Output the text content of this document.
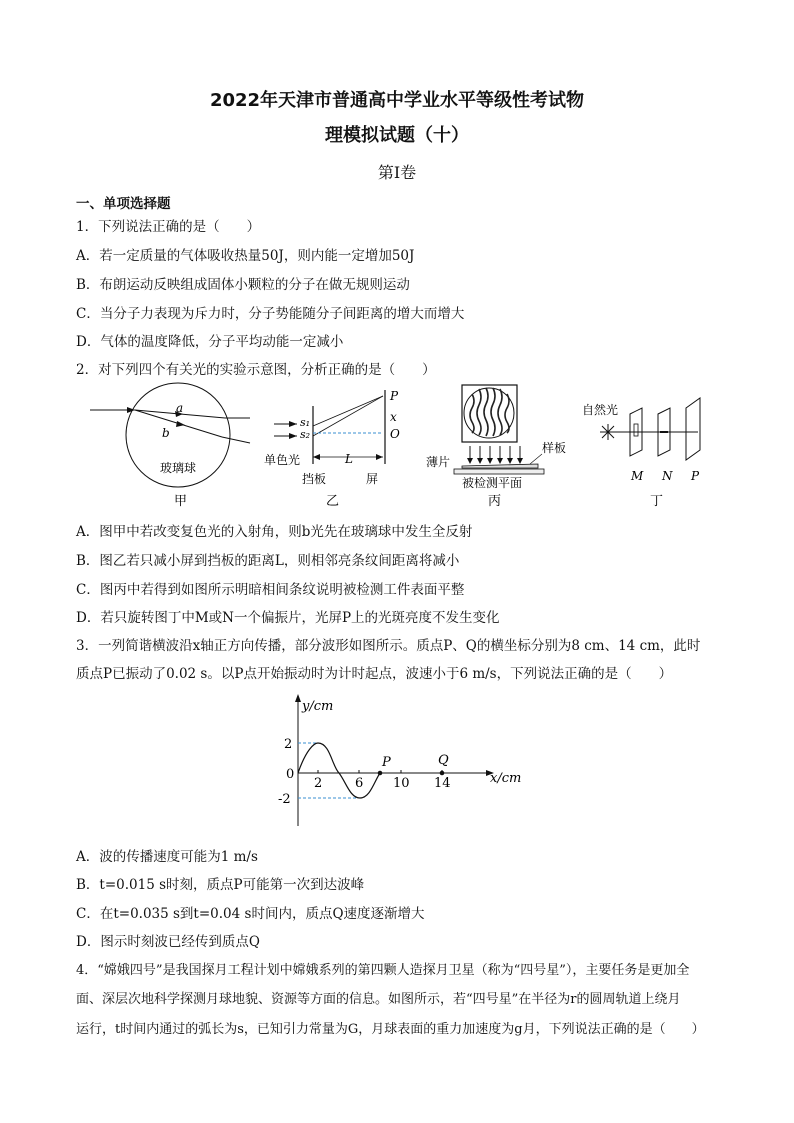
2022年天津市普通高中学业水平等级性考试物
理模拟试题（十）
第Ⅰ卷
一、单项选择题
1．下列说法正确的是（　　）
A．若一定质量的气体吸收热量50J，则内能一定增加50J
B．布朗运动反映组成固体小颗粒的分子在做无规则运动
C．当分子力表现为斥力时，分子势能随分子间距离的增大而增大
D．气体的温度降低，分子平均动能一定减小
2．对下列四个有关光的实验示意图，分析正确的是（　　）
a
b
玻璃球
甲
s₁
s₂
P
x
O
L
单色光
挡板	屏
乙
样板
薄片
被检测平面
丙
自然光
M N P
丁
A．图甲中若改变复色光的入射角，则b光先在玻璃球中发生全反射
B．图乙若只减小屏到挡板的距离L，则相邻亮条纹间距离将减小
C．图丙中若得到如图所示明暗相间条纹说明被检测工件表面平整
D．若只旋转图丁中M或N一个偏振片，光屏P上的光斑亮度不发生变化
3．一列简谐横波沿x轴正方向传播，部分波形如图所示。质点P、Q的横坐标分别为8 cm、14 cm，此时
质点P已振动了0.02 s。以P点开始振动时为计时起点，波速小于6 m/s，下列说法正确的是（　　）
y/cm
x/cm
2
0
-2
2	6 10 14
P	Q
A．波的传播速度可能为1 m/s
B．t=0.015 s时刻，质点P可能第一次到达波峰
C．在t=0.035 s到t=0.04 s时间内，质点Q速度逐渐增大
D．图示时刻波已经传到质点Q
4．“嫦娥四号”是我国探月工程计划中嫦娥系列的第四颗人造探月卫星（称为“四号星”），主要任务是更加全
面、深层次地科学探测月球地貌、资源等方面的信息。如图所示，若“四号星”在半径为r的圆周轨道上绕月
运行，t时间内通过的弧长为s，已知引力常量为G，月球表面的重力加速度为g月，下列说法正确的是（　　）
